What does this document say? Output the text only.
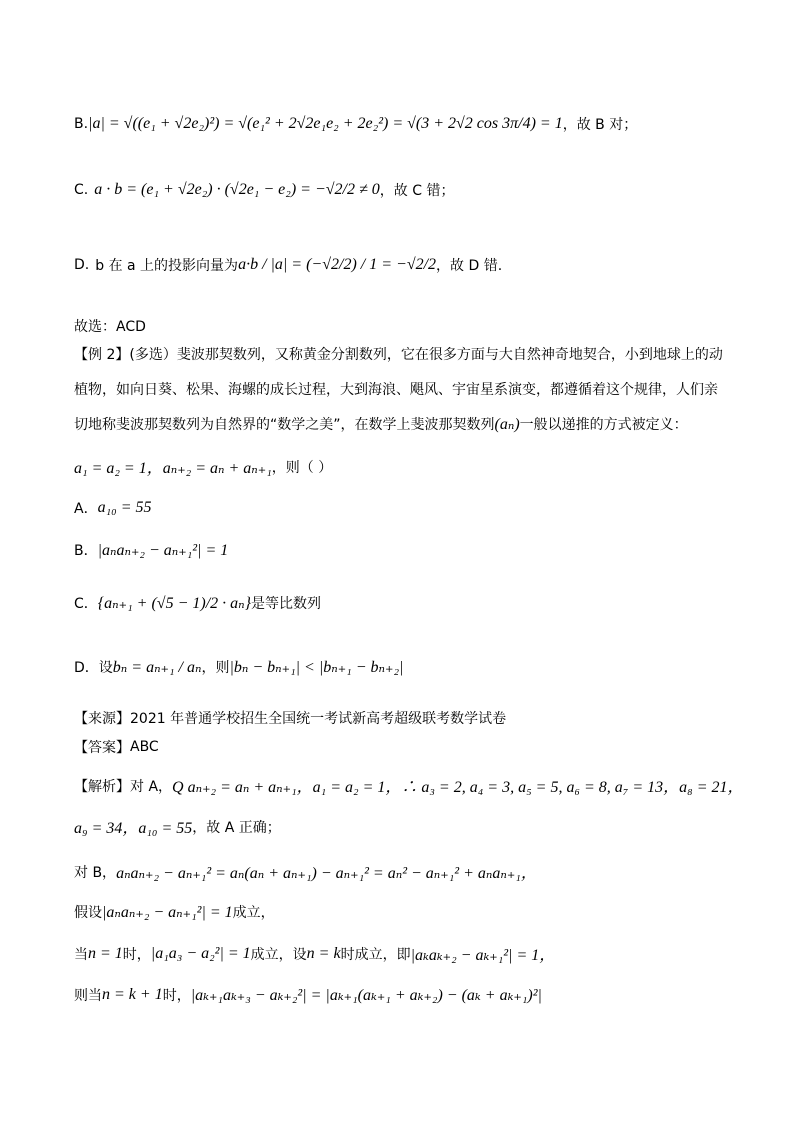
B. |a| = √((e₁ + √2e₂)²) = √(e₁² + 2√2e₁e₂ + 2e₂²) = √(3 + 2√2 cos 3π/4) = 1 ，故 B 对；
C. a · b = (e₁ + √2e₂) · (√2e₁ − e₂) = −√2/2 ≠ 0 ，故 C 错；
D. b 在 a 上的投影向量为 a·b / |a| = (−√2/2) / 1 = −√2/2 ，故 D 错.
故选：ACD
【例 2】 (多选）斐波那契数列，又称黄金分割数列，它在很多方面与大自然神奇地契合，小到地球上的动
植物，如向日葵、松果、海螺的成长过程，大到海浪、飓风、宇宙星系演变，都遵循着这个规律，人们亲
切地称斐波那契数列为自然界的“数学之美”，在数学上斐波那契数列 (aₙ) 一般以递推的方式被定义：
a₁ = a₂ = 1，aₙ₊₂ = aₙ + aₙ₊₁ ，则（ ）
A． a₁₀ = 55
B． |aₙaₙ₊₂ − aₙ₊₁²| = 1
C． {aₙ₊₁ + (√5 − 1)/2 · aₙ} 是等比数列
D．设 bₙ = aₙ₊₁ / aₙ ，则 |bₙ − bₙ₊₁| < |bₙ₊₁ − bₙ₊₂|
【来源】 2021 年普通学校招生全国统一考试新高考超级联考数学试卷
【答案】 ABC
【解析】 对 A， Q aₙ₊₂ = aₙ + aₙ₊₁，a₁ = a₂ = 1，∴ a₃ = 2, a₄ = 3, a₅ = 5, a₆ = 8, a₇ = 13，a₈ = 21，
a₉ = 34，a₁₀ = 55 ，故 A 正确；
对 B， aₙaₙ₊₂ − aₙ₊₁² = aₙ(aₙ + aₙ₊₁) − aₙ₊₁² = aₙ² − aₙ₊₁² + aₙaₙ₊₁，
假设 |aₙaₙ₊₂ − aₙ₊₁²| = 1 成立，
当 n = 1 时， |a₁a₃ − a₂²| = 1 成立，设 n = k 时成立，即 |aₖaₖ₊₂ − aₖ₊₁²| = 1，
则当 n = k + 1 时， |aₖ₊₁aₖ₊₃ − aₖ₊₂²| = |aₖ₊₁(aₖ₊₁ + aₖ₊₂) − (aₖ + aₖ₊₁)²|
